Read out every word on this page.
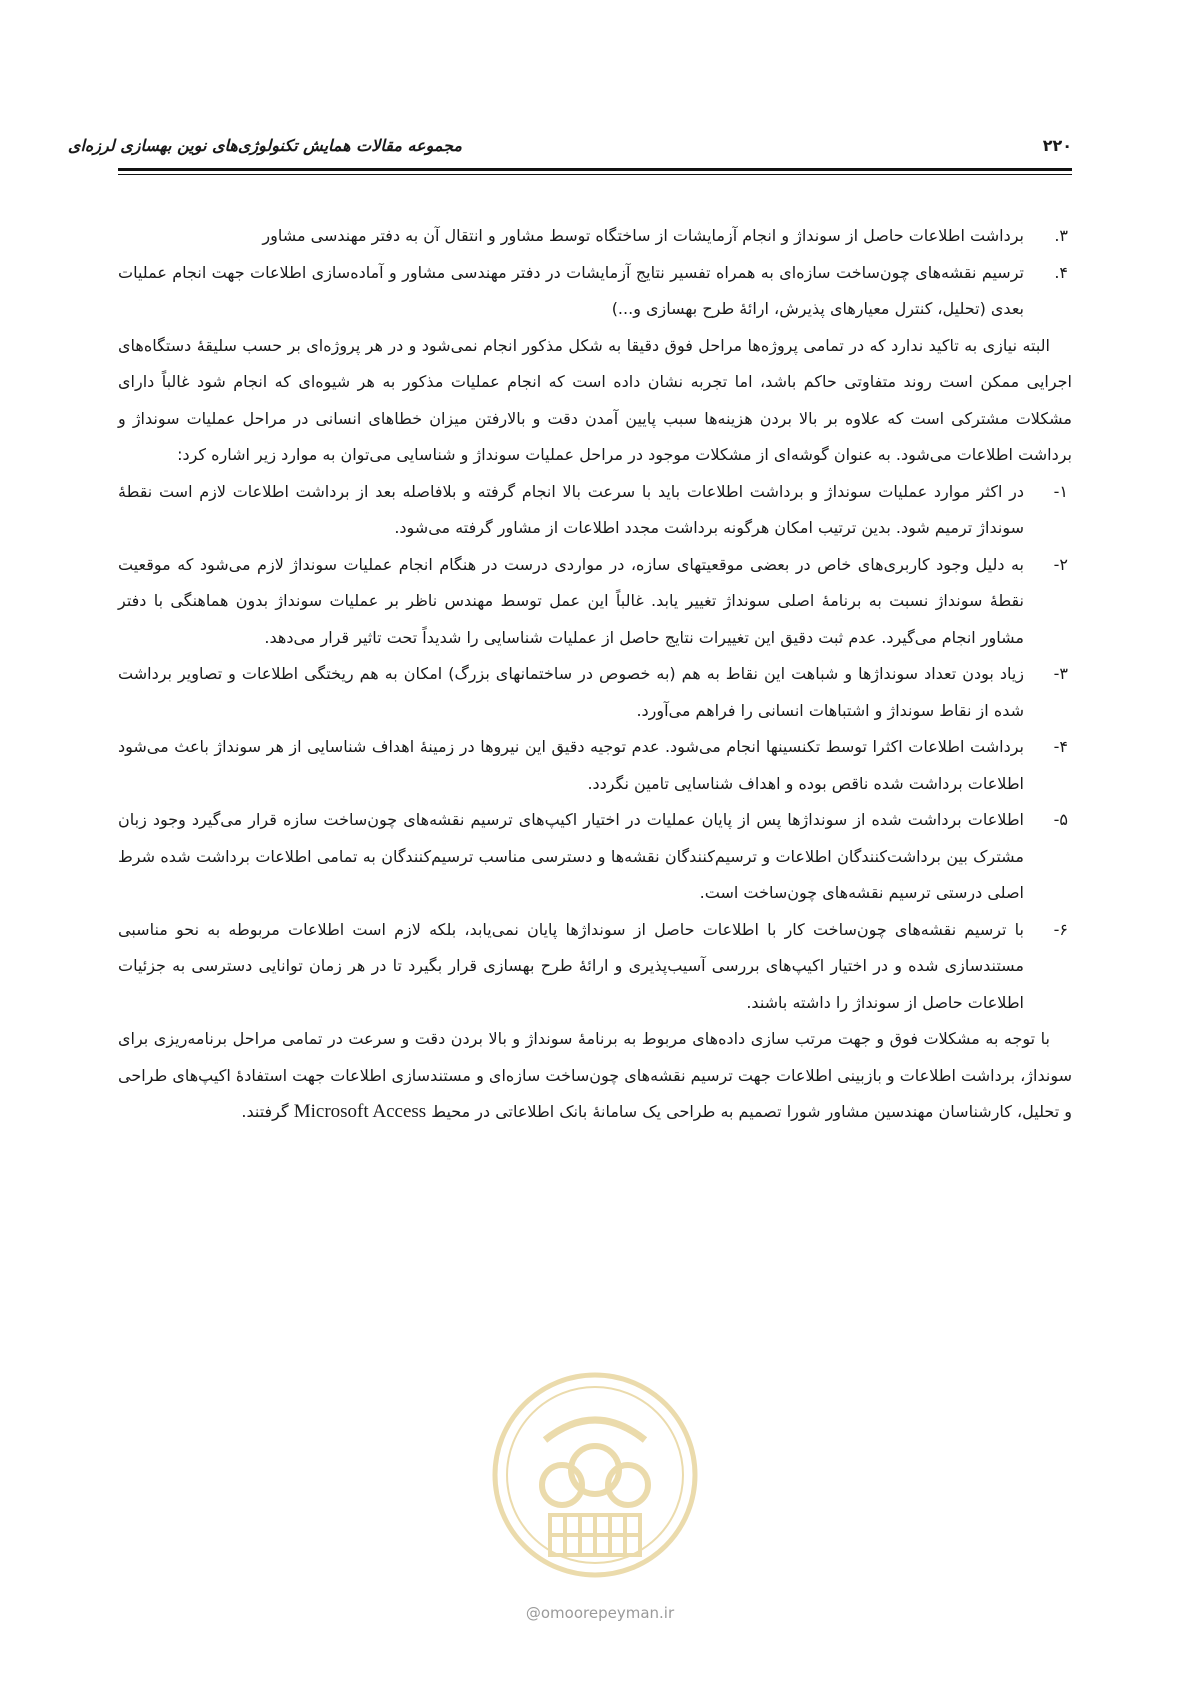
مجموعه مقالات همایش تکنولوژی‌های نوین بهسازی لرزه‌ای	۲۲۰

۳.
برداشت اطلاعات حاصل از سونداژ و انجام آزمایشات از ساختگاه توسط مشاور و انتقال آن به دفتر مهندسی مشاور

۴.
ترسیم نقشه‌های چون‌ساخت سازه‌ای به همراه تفسیر نتایج آزمایشات در دفتر مهندسی مشاور و آماده‌سازی اطلاعات جهت انجام عملیات بعدی (تحلیل، کنترل معیارهای پذیرش، ارائهٔ طرح بهسازی و...)

البته نیازی به تاکید ندارد که در تمامی پروژه‌ها مراحل فوق دقیقا به شکل مذکور انجام نمی‌شود و در هر پروژه‌ای بر حسب سلیقهٔ دستگاه‌های اجرایی ممکن است روند متفاوتی حاکم باشد، اما تجربه نشان داده است که انجام عملیات مذکور به هر شیوه‌ای که انجام شود غالباً دارای مشکلات مشترکی است که علاوه بر بالا بردن هزینه‌ها سبب پایین آمدن دقت و بالارفتن میزان خطاهای انسانی در مراحل عملیات سونداژ و برداشت اطلاعات می‌شود. به عنوان گوشه‌ای از مشکلات موجود در مراحل عملیات سونداژ و شناسایی می‌توان به موارد زیر اشاره کرد:

۱-
در اکثر موارد عملیات سونداژ و برداشت اطلاعات باید با سرعت بالا انجام گرفته و بلافاصله بعد از برداشت اطلاعات لازم است نقطهٔ سونداژ ترمیم شود. بدین ترتیب امکان هرگونه برداشت مجدد اطلاعات از مشاور گرفته می‌شود.

۲-
به دلیل وجود کاربری‌های خاص در بعضی موقعیتهای سازه، در مواردی درست در هنگام انجام عملیات سونداژ لازم می‌شود که موقعیت نقطهٔ سونداژ نسبت به برنامهٔ اصلی سونداژ تغییر یابد. غالباً این عمل توسط مهندس ناظر بر عملیات سونداژ بدون هماهنگی با دفتر مشاور انجام می‌گیرد. عدم ثبت دقیق این تغییرات نتایج حاصل از عملیات شناسایی را شدیداً تحت تاثیر قرار می‌دهد.

۳-
زیاد بودن تعداد سونداژها و شباهت این نقاط به هم (به خصوص در ساختمانهای بزرگ) امکان به هم ریختگی اطلاعات و تصاویر برداشت شده از نقاط سونداژ و اشتباهات انسانی را فراهم می‌آورد.

۴-
برداشت اطلاعات اکثرا توسط تکنسینها انجام می‌شود. عدم توجیه دقیق این نیروها در زمینهٔ اهداف شناسایی از هر سونداژ باعث می‌شود اطلاعات برداشت شده ناقص بوده و اهداف شناسایی تامین نگردد.

۵-
اطلاعات برداشت شده از سونداژها پس از پایان عملیات در اختیار اکیپ‌های ترسیم نقشه‌های چون‌ساخت سازه قرار می‌گیرد وجود زبان مشترک بین برداشت‌کنندگان اطلاعات و ترسیم‌کنندگان نقشه‌ها و دسترسی مناسب ترسیم‌کنندگان به تمامی اطلاعات برداشت شده شرط اصلی درستی ترسیم نقشه‌های چون‌ساخت است.

۶-
با ترسیم نقشه‌های چون‌ساخت کار با اطلاعات حاصل از سونداژها پایان نمی‌یابد، بلکه لازم است اطلاعات مربوطه به نحو مناسبی مستندسازی شده و در اختیار اکیپ‌های بررسی آسیب‌پذیری و ارائهٔ طرح بهسازی قرار بگیرد تا در هر زمان توانایی دسترسی به جزئیات اطلاعات حاصل از سونداژ را داشته باشند.

با توجه به مشکلات فوق و جهت مرتب سازی داده‌های مربوط به برنامهٔ سونداژ و بالا بردن دقت و سرعت در تمامی مراحل برنامه‌ریزی برای سونداژ، برداشت اطلاعات و بازبینی اطلاعات جهت ترسیم نقشه‌های چون‌ساخت سازه‌ای و مستندسازی اطلاعات جهت استفادهٔ اکیپ‌های طراحی و تحلیل، کارشناسان مهندسین مشاور شورا تصمیم به طراحی یک سامانهٔ بانک اطلاعاتی در محیط Microsoft Access گرفتند.

@omoorepeyman.ir
